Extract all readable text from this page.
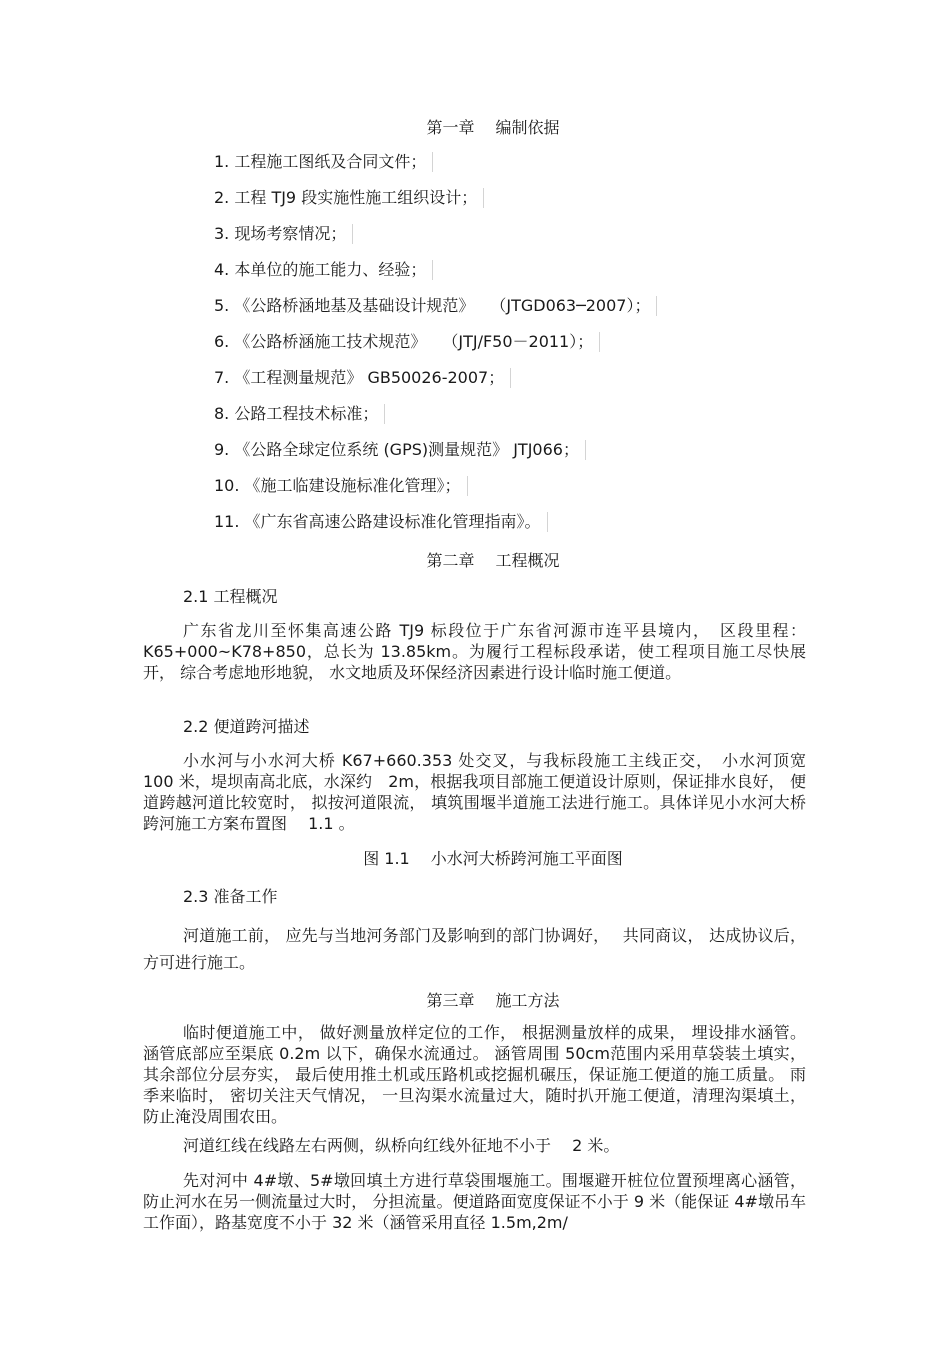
第一章　 编制依据
1. 工程施工图纸及合同文件；
2. 工程 TJ9 段实施性施工组织设计；
3. 现场考察情况；
4. 本单位的施工能力、经验；
5. 《公路桥涵地基及基础设计规范》　　（JTGD063─2007）；
6. 《公路桥涵施工技术规范》　　（JTJ/F50－2011）；
7. 《工程测量规范》 GB50026-2007；
8. 公路工程技术标准；
9. 《公路全球定位系统 (GPS)测量规范》 JTJ066；
10. 《施工临建设施标准化管理》；
11. 《广东省高速公路建设标准化管理指南》。
第二章　 工程概况
2.1 工程概况
广东省龙川至怀集高速公路 TJ9 标段位于广东省河源市连平县境内，　区段里程： K65+000~K78+850，总长为 13.85km。为履行工程标段承诺，使工程项目施工尽快展开， 综合考虑地形地貌， 水文地质及环保经济因素进行设计临时施工便道。
2.2 便道跨河描述
小水河与小水河大桥 K67+660.353 处交叉，与我标段施工主线正交，　小水河顶宽 100 米，堤坝南高北底，水深约　2m，根据我项目部施工便道设计原则，保证排水良好， 便道跨越河道比较宽时， 拟按河道限流， 填筑围堰半道施工法进行施工。具体详见小水河大桥跨河施工方案布置图　 1.1 。
图 1.1　 小水河大桥跨河施工平面图
2.3 准备工作
河道施工前， 应先与当地河务部门及影响到的部门协调好，　 共同商议， 达成协议后，方可进行施工。
第三章　 施工方法
临时便道施工中， 做好测量放样定位的工作， 根据测量放样的成果， 埋设排水涵管。涵管底部应至渠底 0.2m 以下，确保水流通过。 涵管周围 50cm范围内采用草袋装土填实，其余部位分层夯实， 最后使用推土机或压路机或挖掘机碾压，保证施工便道的施工质量。 雨季来临时， 密切关注天气情况， 一旦沟渠水流量过大，随时扒开施工便道，清理沟渠填土，防止淹没周围农田。
河道红线在线路左右两侧，纵桥向红线外征地不小于　 2 米。
先对河中 4#墩、5#墩回填土方进行草袋围堰施工。围堰避开桩位位置预埋离心涵管， 防止河水在另一侧流量过大时， 分担流量。便道路面宽度保证不小于 9 米（能保证 4#墩吊车工作面），路基宽度不小于 32 米（涵管采用直径 1.5m,2m/
